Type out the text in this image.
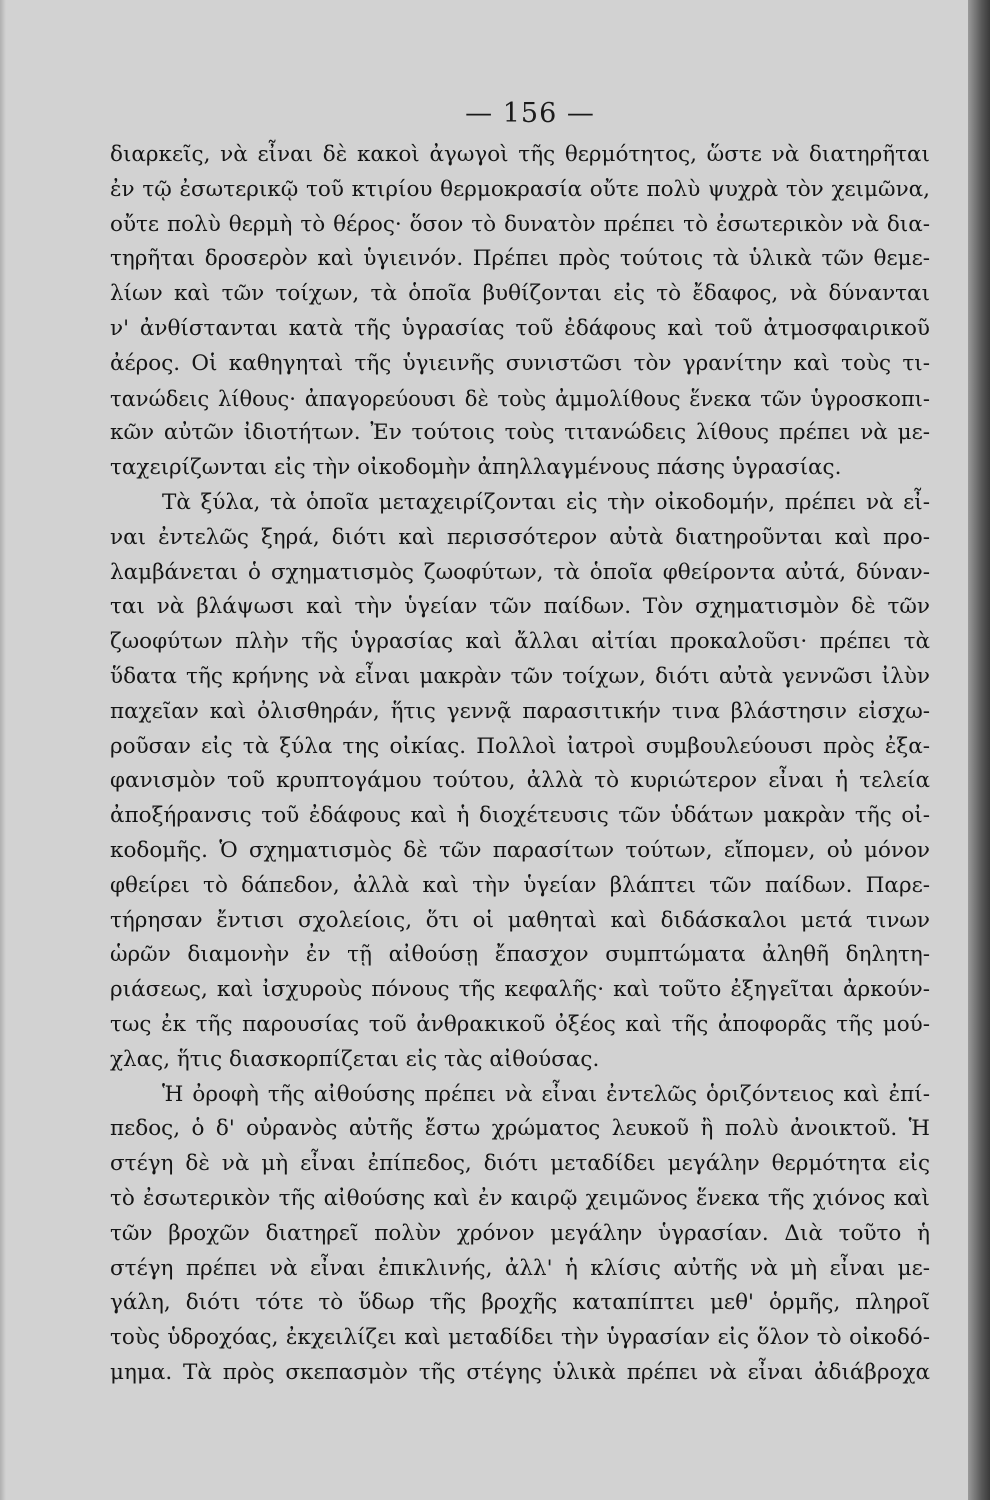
— 156 —
διαρκεῖς, νὰ εἶναι δὲ κακοὶ ἀγωγοὶ τῆς θερμότητος, ὥστε νὰ διατηρῆται
ἐν τῷ ἐσωτερικῷ τοῦ κτιρίου θερμοκρασία οὔτε πολὺ ψυχρὰ τὸν χειμῶνα,
οὔτε πολὺ θερμὴ τὸ θέρος· ὅσον τὸ δυνατὸν πρέπει τὸ ἐσωτερικὸν νὰ δια-
τηρῆται δροσερὸν καὶ ὑγιεινόν. Πρέπει πρὸς τούτοις τὰ ὑλικὰ τῶν θεμε-
λίων καὶ τῶν τοίχων, τὰ ὁποῖα βυθίζονται εἰς τὸ ἔδαφος, νὰ δύνανται
ν' ἀνθίστανται κατὰ τῆς ὑγρασίας τοῦ ἐδάφους καὶ τοῦ ἀτμοσφαιρικοῦ
ἀέρος. Οἱ καθηγηταὶ τῆς ὑγιεινῆς συνιστῶσι τὸν γρανίτην καὶ τοὺς τι-
τανώδεις λίθους· ἀπαγορεύουσι δὲ τοὺς ἀμμολίθους ἕνεκα τῶν ὑγροσκοπι-
κῶν αὐτῶν ἰδιοτήτων. Ἐν τούτοις τοὺς τιτανώδεις λίθους πρέπει νὰ με-
ταχειρίζωνται εἰς τὴν οἰκοδομὴν ἀπηλλαγμένους πάσης ὑγρασίας.
Τὰ ξύλα, τὰ ὁποῖα μεταχειρίζονται εἰς τὴν οἰκοδομήν, πρέπει νὰ εἶ-
ναι ἐντελῶς ξηρά, διότι καὶ περισσότερον αὐτὰ διατηροῦνται καὶ προ-
λαμβάνεται ὁ σχηματισμὸς ζωοφύτων, τὰ ὁποῖα φθείροντα αὐτά, δύναν-
ται νὰ βλάψωσι καὶ τὴν ὑγείαν τῶν παίδων. Τὸν σχηματισμὸν δὲ τῶν
ζωοφύτων πλὴν τῆς ὑγρασίας καὶ ἄλλαι αἰτίαι προκαλοῦσι· πρέπει τὰ
ὕδατα τῆς κρήνης νὰ εἶναι μακρὰν τῶν τοίχων, διότι αὐτὰ γεννῶσι ἰλὺν
παχεῖαν καὶ ὀλισθηράν, ἥτις γεννᾷ παρασιτικήν τινα βλάστησιν εἰσχω-
ροῦσαν εἰς τὰ ξύλα της οἰκίας. Πολλοὶ ἰατροὶ συμβουλεύουσι πρὸς ἐξα-
φανισμὸν τοῦ κρυπτογάμου τούτου, ἀλλὰ τὸ κυριώτερον εἶναι ἡ τελεία
ἀποξήρανσις τοῦ ἐδάφους καὶ ἡ διοχέτευσις τῶν ὑδάτων μακρὰν τῆς οἰ-
κοδομῆς. Ὁ σχηματισμὸς δὲ τῶν παρασίτων τούτων, εἴπομεν, οὐ μόνον
φθείρει τὸ δάπεδον, ἀλλὰ καὶ τὴν ὑγείαν βλάπτει τῶν παίδων. Παρε-
τήρησαν ἔντισι σχολείοις, ὅτι οἱ μαθηταὶ καὶ διδάσκαλοι μετά τινων
ὡρῶν διαμονὴν ἐν τῇ αἰθούσῃ ἔπασχον συμπτώματα ἀληθῆ δηλητη-
ριάσεως, καὶ ἰσχυροὺς πόνους τῆς κεφαλῆς· καὶ τοῦτο ἐξηγεῖται ἀρκούν-
τως ἐκ τῆς παρουσίας τοῦ ἀνθρακικοῦ ὀξέος καὶ τῆς ἀποφορᾶς τῆς μού-
χλας, ἥτις διασκορπίζεται εἰς τὰς αἰθούσας.
Ἡ ὀροφὴ τῆς αἰθούσης πρέπει νὰ εἶναι ἐντελῶς ὁριζόντειος καὶ ἐπί-
πεδος, ὁ δ' οὐρανὸς αὐτῆς ἔστω χρώματος λευκοῦ ἢ πολὺ ἀνοικτοῦ. Ἡ
στέγη δὲ νὰ μὴ εἶναι ἐπίπεδος, διότι μεταδίδει μεγάλην θερμότητα εἰς
τὸ ἐσωτερικὸν τῆς αἰθούσης καὶ ἐν καιρῷ χειμῶνος ἕνεκα τῆς χιόνος καὶ
τῶν βροχῶν διατηρεῖ πολὺν χρόνον μεγάλην ὑγρασίαν. Διὰ τοῦτο ἡ
στέγη πρέπει νὰ εἶναι ἐπικλινής, ἀλλ' ἡ κλίσις αὐτῆς νὰ μὴ εἶναι με-
γάλη, διότι τότε τὸ ὕδωρ τῆς βροχῆς καταπίπτει μεθ' ὁρμῆς, πληροῖ
τοὺς ὑδροχόας, ἐκχειλίζει καὶ μεταδίδει τὴν ὑγρασίαν εἰς ὅλον τὸ οἰκοδό-
μημα. Τὰ πρὸς σκεπασμὸν τῆς στέγης ὑλικὰ πρέπει νὰ εἶναι ἀδιάβροχα
